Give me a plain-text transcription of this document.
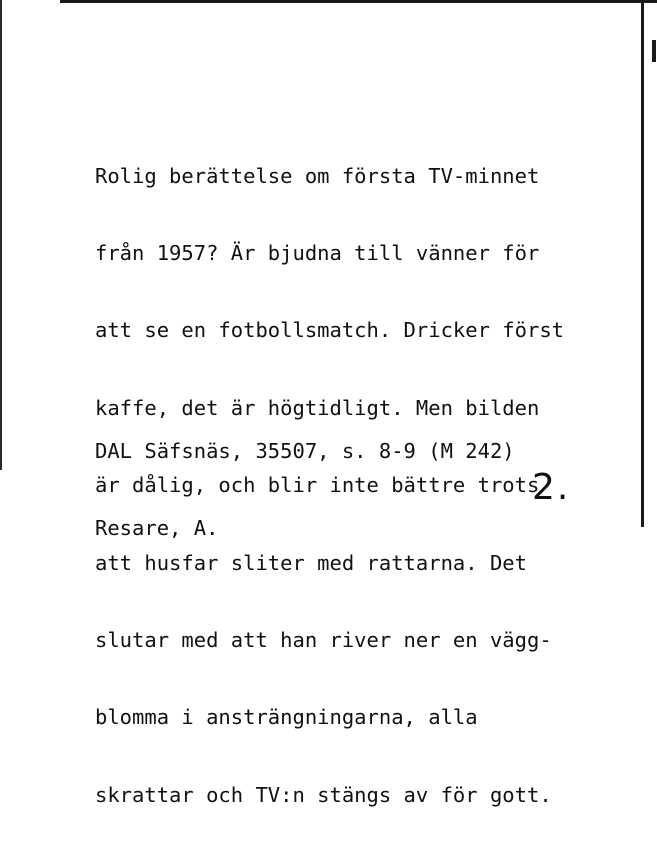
Rolig berättelse om första TV-minnet

från 1957? Är bjudna till vänner för

att se en fotbollsmatch. Dricker först

kaffe, det är högtidligt. Men bilden

är dålig, och blir inte bättre trots

att husfar sliter med rattarna. Det

slutar med att han river ner en vägg-

blomma i ansträngningarna, alla

skrattar och TV:n stängs av för gott.

DAL Säfsnäs, 35507, s. 8-9 (M 242)

Resare, A.

2.
